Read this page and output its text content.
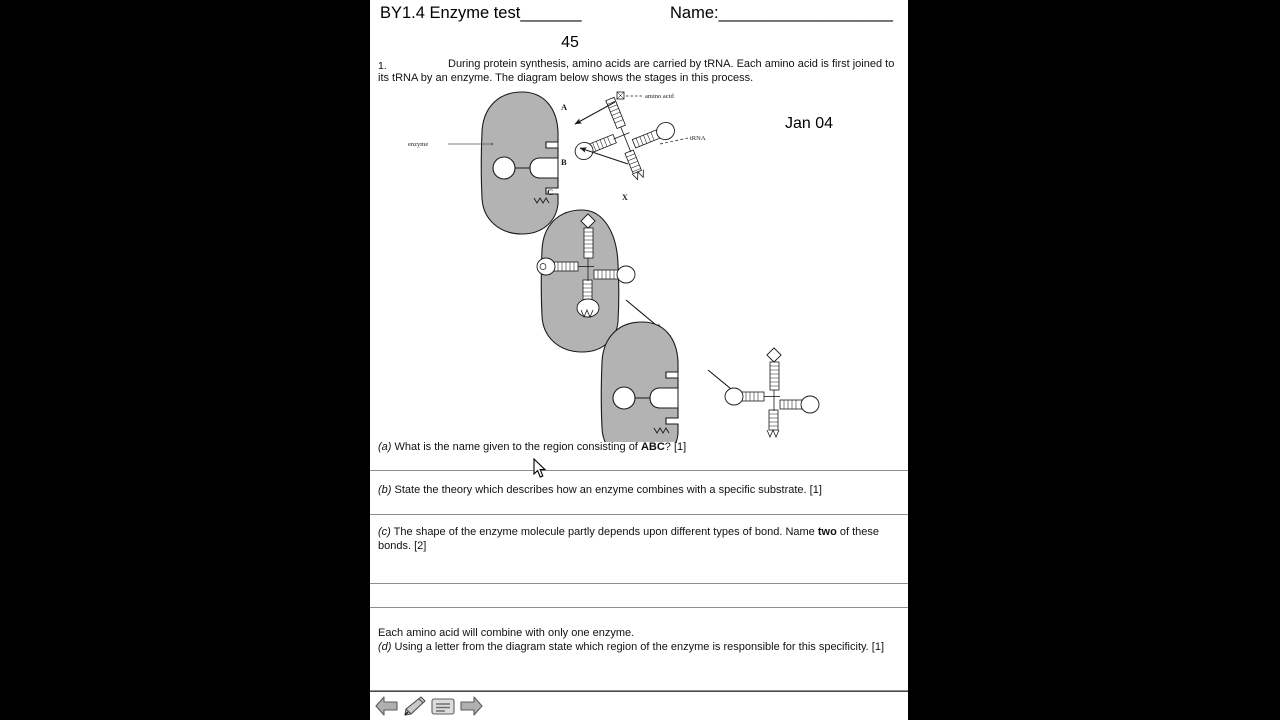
BY1.4 Enzyme test_______	Name:___________________
45
1.	During protein synthesis, amino acids are carried by tRNA. Each amino acid is first joined to its tRNA by an enzyme. The diagram below shows the stages in this process.
Jan 04
A
B
C
enzyme
amino acid
tRNA
X
(a) What is the name given to the region consisting of ABC? [1]
(b) State the theory which describes how an enzyme combines with a specific substrate. [1]
(c) The shape of the enzyme molecule partly depends upon different types of bond. Name two of these bonds. [2]
Each amino acid will combine with only one enzyme.
(d) Using a letter from the diagram state which region of the enzyme is responsible for this specificity. [1]
